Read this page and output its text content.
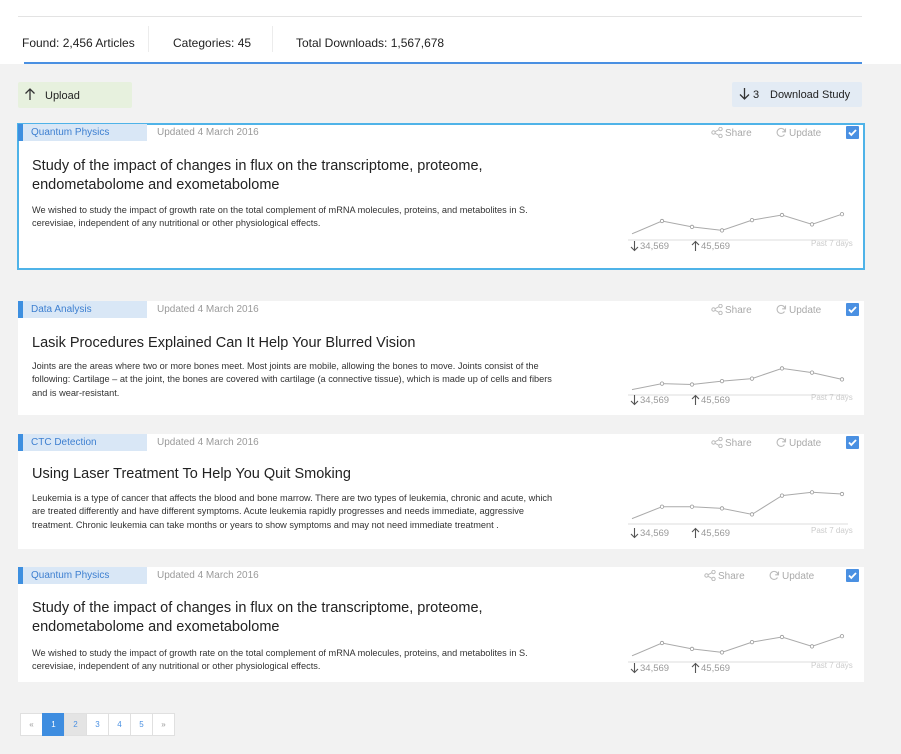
Found: 2,456 Articles	Categories: 45	Total Downloads: 1,567,678
Upload	3 Download Study
Quantum Physics	Updated 4 March 2016	Share	Update
Study of the impact of changes in flux on the transcriptome, proteome,
endometabolome and exometabolome
We wished to study the impact of growth rate on the total complement of mRNA molecules, proteins, and metabolites in S.
cerevisiae, independent of any nutritional or other physiological effects.
34,569	45,569	Past 7 days
Data Analysis	Updated 4 March 2016	Share	Update
Lasik Procedures Explained Can It Help Your Blurred Vision
Joints are the areas where two or more bones meet. Most joints are mobile, allowing the bones to move. Joints consist of the
following: Cartilage – at the joint, the bones are covered with cartilage (a connective tissue), which is made up of cells and fibers
and is wear-resistant.
34,569	45,569	Past 7 days
CTC Detection	Updated 4 March 2016	Share	Update
Using Laser Treatment To Help You Quit Smoking
Leukemia is a type of cancer that affects the blood and bone marrow. There are two types of leukemia, chronic and acute, which
are treated differently and have different symptoms. Acute leukemia rapidly progresses and needs immediate, aggressive
treatment. Chronic leukemia can take months or years to show symptoms and may not need immediate treatment .
34,569	45,569	Past 7 days
Quantum Physics	Updated 4 March 2016	Share	Update
Study of the impact of changes in flux on the transcriptome, proteome,
endometabolome and exometabolome
We wished to study the impact of growth rate on the total complement of mRNA molecules, proteins, and metabolites in S.
cerevisiae, independent of any nutritional or other physiological effects.	34,569	45,569	Past 7 days
«	1	2	3	4	5	»
